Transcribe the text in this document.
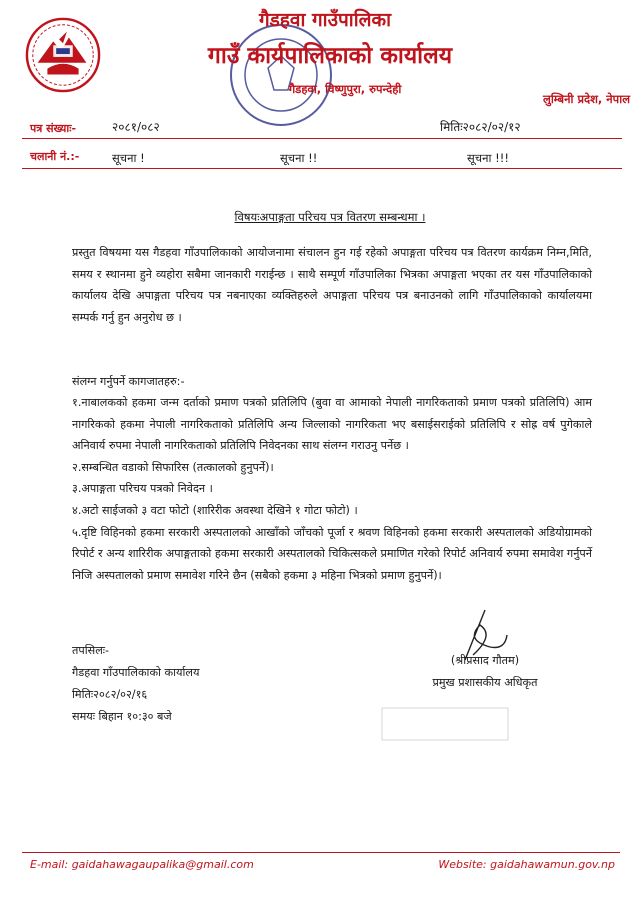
गैडहवा गाउँपालिका
गाउँ कार्यपालिकाको कार्यालय
गैडहवा, विष्णुपुरा, रुपन्देही
लुम्बिनी प्रदेश, नेपाल
पत्र संख्याः-	२०८१/०८२	मितिः२०८२/०२/१२
चलानी नं.:-	सूचना !	सूचना !!	सूचना !!!
विषयःअपाङ्गता परिचय पत्र वितरण सम्बन्धमा ।

प्रस्तुत विषयमा यस गैडहवा गाँउपालिकाको आयोजनामा संचालन हुन गई रहेको अपाङ्गता परिचय पत्र वितरण कार्यक्रम निम्न,मिति, समय र स्थानमा हुने व्यहोरा सबैमा जानकारी गराईन्छ । साथै सम्पूर्ण गाँउपालिका भित्रका अपाङ्गता भएका तर यस गाँउपालिकाको कार्यालय देखि अपाङ्गता परिचय पत्र नबनाएका व्यक्तिहरुले अपाङ्गता परिचय पत्र बनाउनको लागि गाँउपालिकाको कार्यालयमा सम्पर्क गर्नु हुन अनुरोध छ ।

संलग्न गर्नुपर्ने कागजातहरु:-
१.नाबालकको हकमा जन्म दर्ताको प्रमाण पत्रको प्रतिलिपि (बुवा वा आमाको नेपाली नागरिकताको प्रमाण पत्रको प्रतिलिपि) आम नागरिकको हकमा नेपाली नागरिकताको प्रतिलिपि अन्य जिल्लाको नागरिकता भए बसाईसराईको प्रतिलिपि र सोह्र वर्ष पुगेकाले अनिवार्य रुपमा नेपाली नागरिकताको प्रतिलिपि निवेदनका साथ संलग्न गराउनु पर्नेछ ।
२.सम्बन्धित वडाको सिफारिस (तत्कालको हुनुपर्ने)।
३.अपाङ्गता परिचय पत्रको निवेदन ।
४.अटो साईजको ३ वटा फोटो (शारिरीक अवस्था देखिने १ गोटा फोटो) ।
५.दृष्टि विहिनको हकमा सरकारी अस्पतालको आखाँको जाँचको पूर्जा र श्रवण विहिनको हकमा सरकारी अस्पतालको अडियोग्रामको रिपोर्ट र अन्य शारिरीक अपाङ्गताको हकमा सरकारी अस्पतालको चिकित्सकले प्रमाणित गरेको रिपोर्ट अनिवार्य रुपमा समावेश गर्नुपर्ने निजि अस्पतालको प्रमाण समावेश गरिने छैन (सबैको हकमा ३ महिना भित्रको प्रमाण हुनुपर्ने)।
तपसिलः-
गैडहवा गाँउपालिकाको कार्यालय
मितिः२०८२/०२/१६
समयः बिहान १०:३० बजे
(श्रीप्रसाद गौतम)
प्रमुख प्रशासकीय अधिकृत
E-mail: gaidahawagaupalika@gmail.com	Website: gaidahawamun.gov.np
